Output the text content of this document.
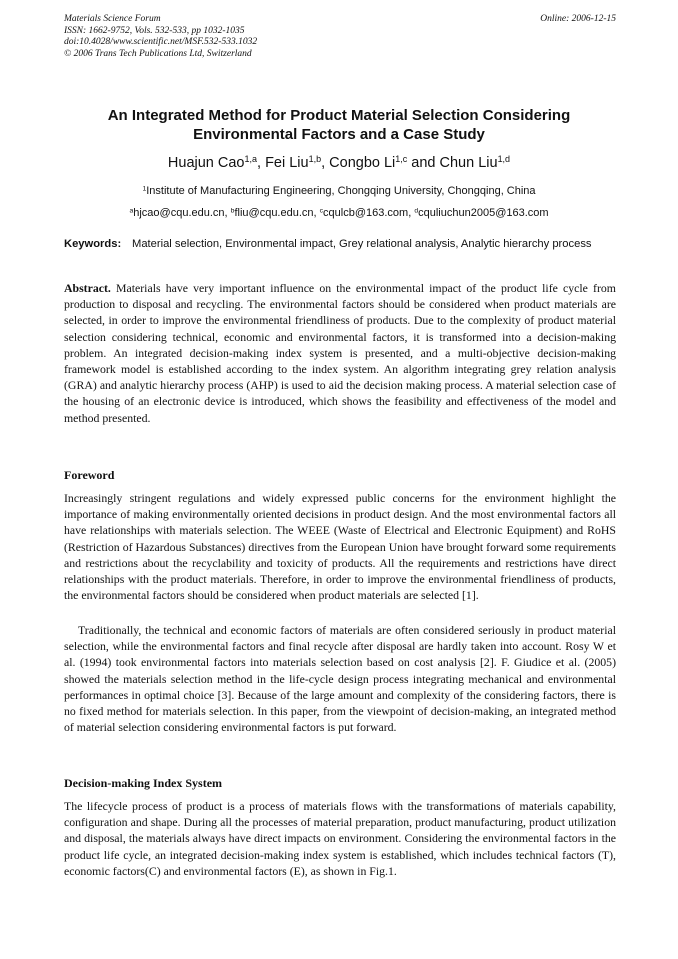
Materials Science Forum
ISSN: 1662-9752, Vols. 532-533, pp 1032-1035
doi:10.4028/www.scientific.net/MSF.532-533.1032
© 2006 Trans Tech Publications Ltd, Switzerland
Online: 2006-12-15
An Integrated Method for Product Material Selection Considering
Environmental Factors and a Case Study
Huajun Cao$^{1,a}$, Fei Liu$^{1,b}$, Congbo Li$^{1,c}$ and Chun Liu$^{1,d}$
$^1$Institute of Manufacturing Engineering, Chongqing University, Chongqing, China
$^a$hjcao@cqu.edu.cn, $^b$fliu@cqu.edu.cn, $^c$cqulcb@163.com, $^d$cquliuchun2005@163.com
Keywords: Material selection, Environmental impact, Grey relational analysis, Analytic hierarchy process
Abstract. Materials have very important influence on the environmental impact of the product life cycle from production to disposal and recycling. The environmental factors should be considered when product materials are selected, in order to improve the environmental friendliness of products. Due to the complexity of product material selection considering technical, economic and environmental factors, it is transformed into a decision-making problem. An integrated decision-making index system is presented, and a multi-objective decision-making framework model is established according to the index system. An algorithm integrating grey relation analysis (GRA) and analytic hierarchy process (AHP) is used to aid the decision making process. A material selection case of the housing of an electronic device is introduced, which shows the feasibility and effectiveness of the model and method presented.
Foreword
Increasingly stringent regulations and widely expressed public concerns for the environment highlight the importance of making environmentally oriented decisions in product design. And the most environmental factors all have relationships with materials selection. The WEEE (Waste of Electrical and Electronic Equipment) and RoHS (Restriction of Hazardous Substances) directives from the European Union have brought forward some requirements and restrictions about the recyclability and toxicity of products. All the requirements and restrictions have direct relationships with the product materials. Therefore, in order to improve the environmental friendliness of products, the environmental factors should be considered when product materials are selected [1].
Traditionally, the technical and economic factors of materials are often considered seriously in product material selection, while the environmental factors and final recycle after disposal are hardly taken into account. Rosy W et al. (1994) took environmental factors into materials selection based on cost analysis [2]. F. Giudice et al. (2005) showed the materials selection method in the life-cycle design process integrating mechanical and environmental performances in optimal choice [3]. Because of the large amount and complexity of the considering factors, there is no fixed method for materials selection. In this paper, from the viewpoint of decision-making, an integrated method of material selection considering environmental factors is put forward.
Decision-making Index System
The lifecycle process of product is a process of materials flows with the transformations of materials capability, configuration and shape. During all the processes of material preparation, product manufacturing, product utilization and disposal, the materials always have direct impacts on environment. Considering the environmental factors in the product life cycle, an integrated decision-making index system is established, which includes technical factors (T), economic factors(C) and environmental factors (E), as shown in Fig.1.
